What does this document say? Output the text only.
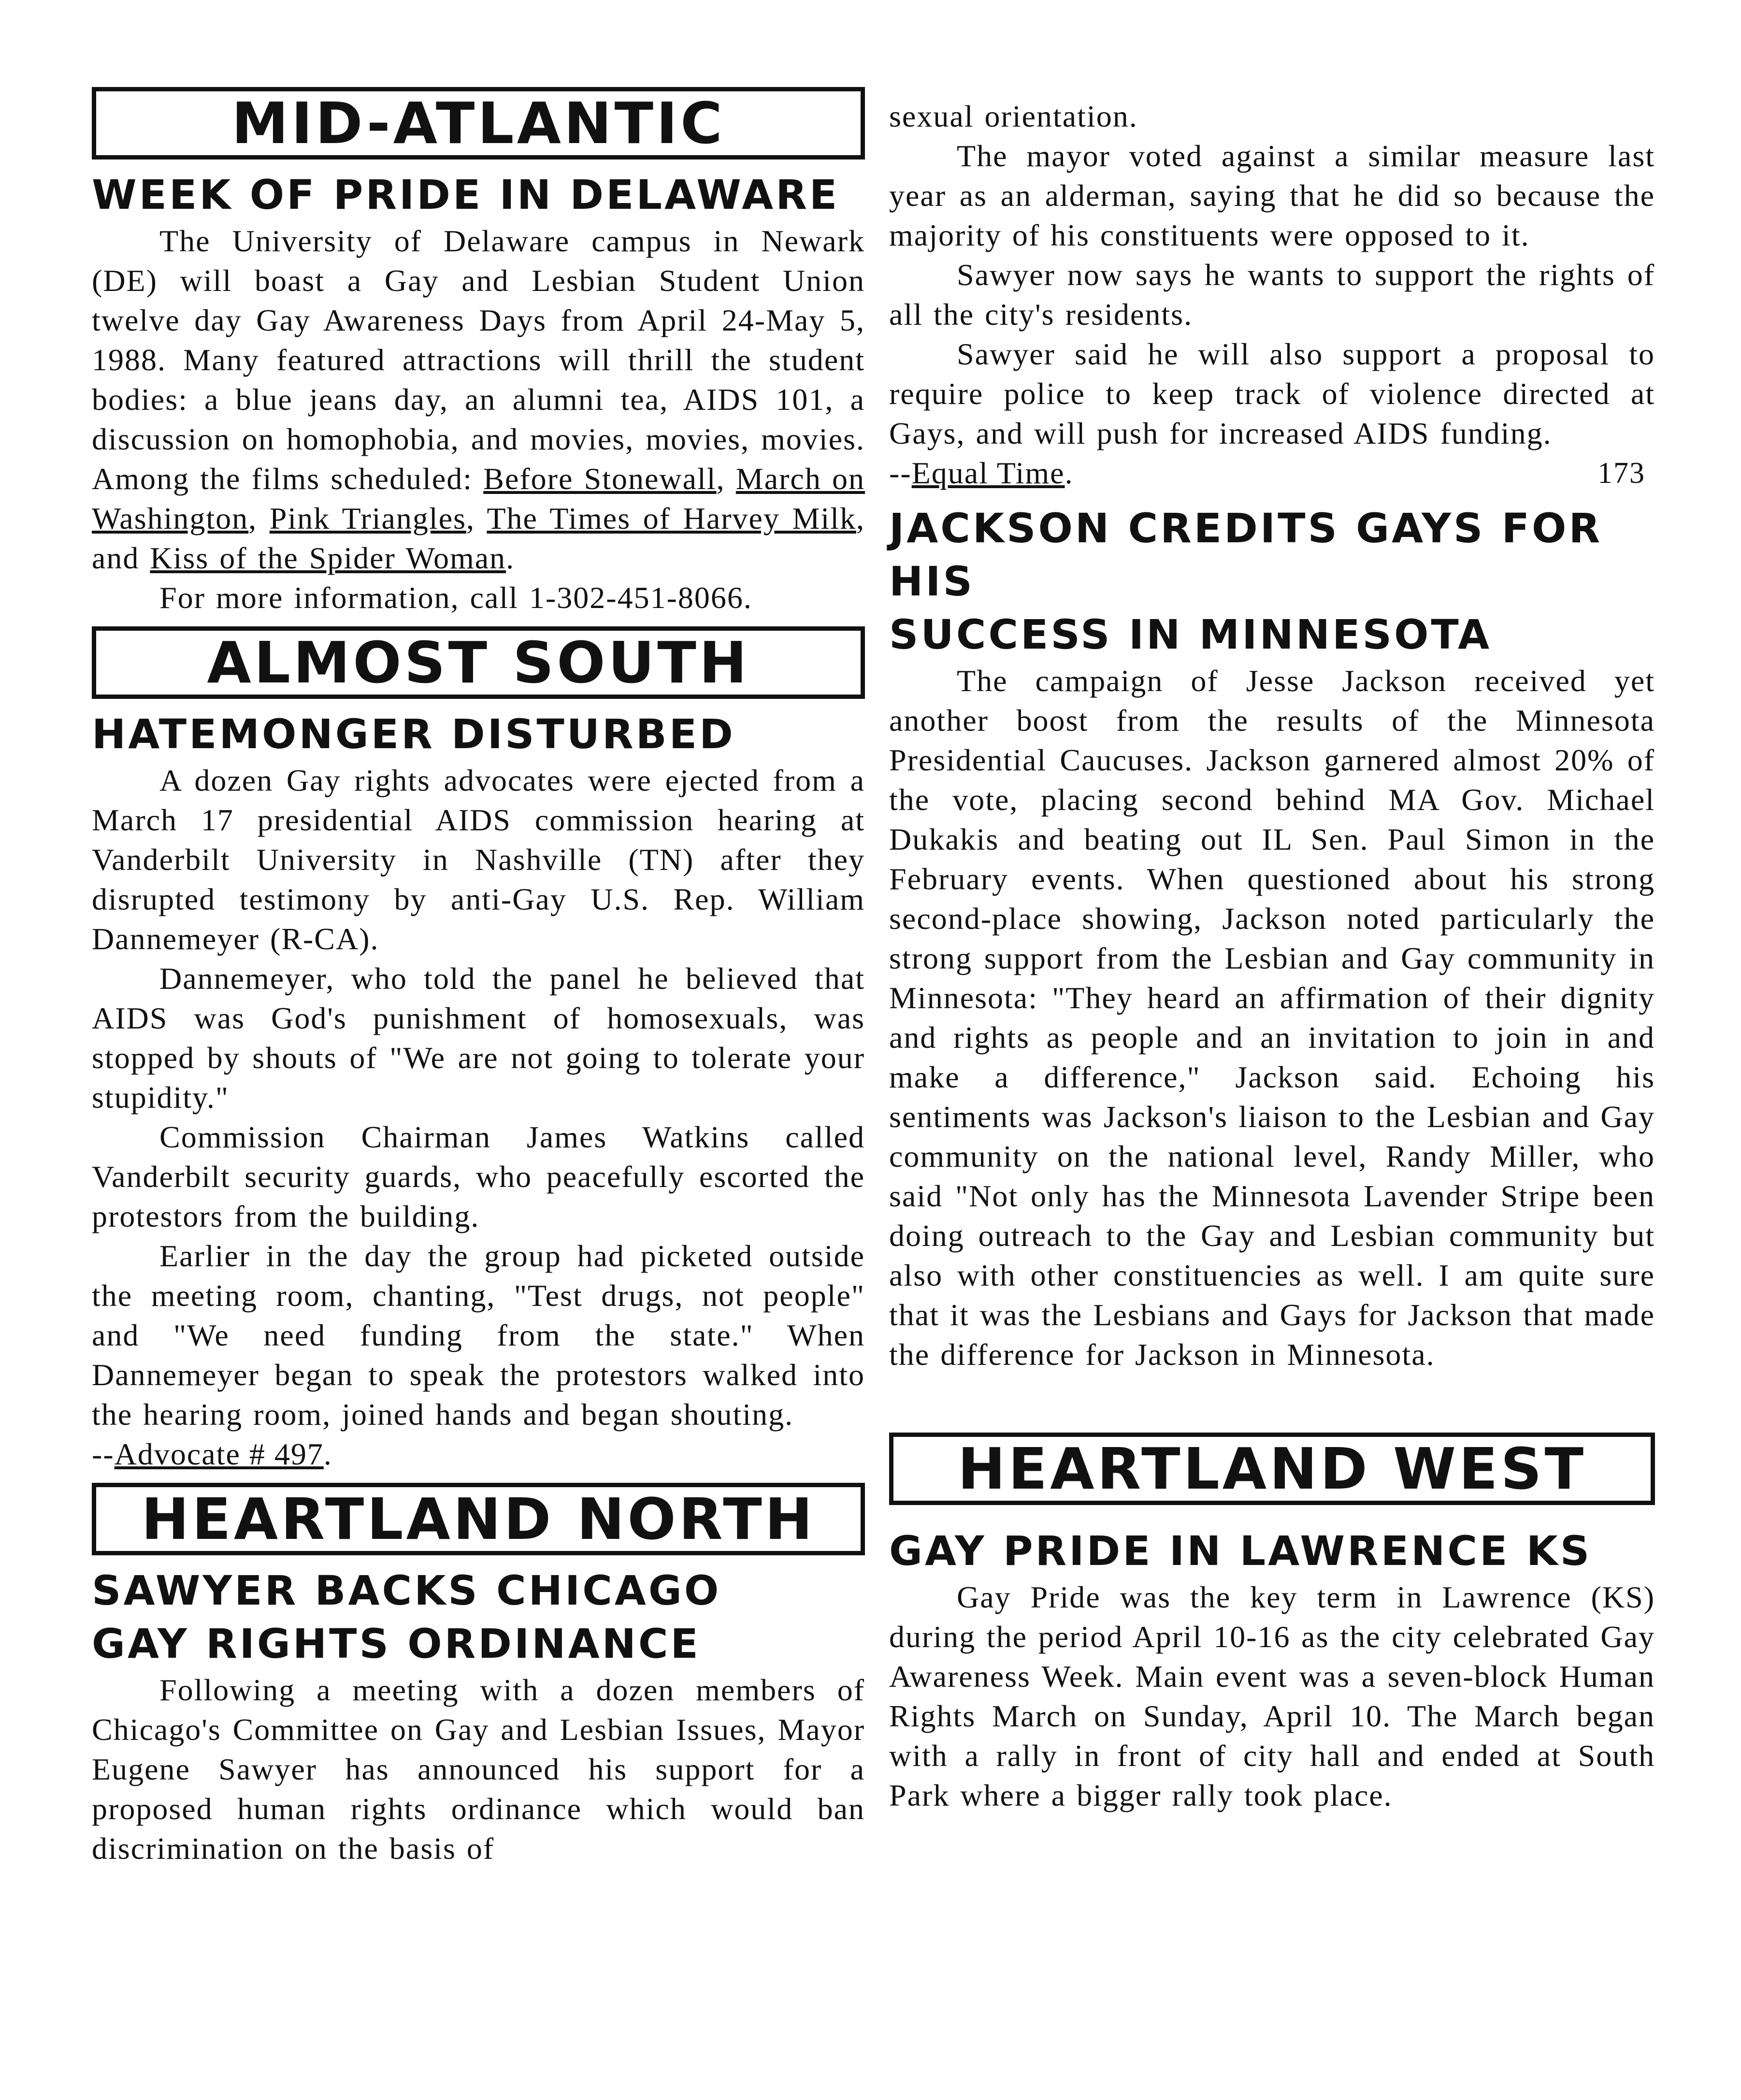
MID-ATLANTIC
WEEK OF PRIDE IN DELAWARE

The University of Delaware campus in Newark (DE) will boast a Gay and Lesbian Student Union twelve day Gay Awareness Days from April 24-May 5, 1988. Many featured attractions will thrill the student bodies: a blue jeans day, an alumni tea, AIDS 101, a discussion on homophobia, and movies, movies, movies. Among the films scheduled: Before Stonewall, March on Washington, Pink Triangles, The Times of Harvey Milk, and Kiss of the Spider Woman.

For more information, call 1-302-451-8066.

ALMOST SOUTH
HATEMONGER DISTURBED

A dozen Gay rights advocates were ejected from a March 17 presidential AIDS commission hearing at Vanderbilt University in Nashville (TN) after they disrupted testimony by anti-Gay U.S. Rep. William Dannemeyer (R-CA).

Dannemeyer, who told the panel he believed that AIDS was God's punishment of homosexuals, was stopped by shouts of "We are not going to tolerate your stupidity."

Commission Chairman James Watkins called Vanderbilt security guards, who peacefully escorted the protestors from the building.

Earlier in the day the group had picketed outside the meeting room, chanting, "Test drugs, not people" and "We need funding from the state." When Dannemeyer began to speak the protestors walked into the hearing room, joined hands and began shouting.

--Advocate # 497.

HEARTLAND NORTH
SAWYER BACKS CHICAGO
GAY RIGHTS ORDINANCE

Following a meeting with a dozen members of Chicago's Committee on Gay and Lesbian Issues, Mayor Eugene Sawyer has announced his support for a proposed human rights ordinance which would ban discrimination on the basis of

sexual orientation.

The mayor voted against a similar measure last year as an alderman, saying that he did so because the majority of his constituents were opposed to it.

Sawyer now says he wants to support the rights of all the city's residents.

Sawyer said he will also support a proposal to require police to keep track of violence directed at Gays, and will push for increased AIDS funding.

173
--Equal Time.

JACKSON CREDITS GAYS FOR HIS
SUCCESS IN MINNESOTA

The campaign of Jesse Jackson received yet another boost from the results of the Minnesota Presidential Caucuses. Jackson garnered almost 20% of the vote, placing second behind MA Gov. Michael Dukakis and beating out IL Sen. Paul Simon in the February events. When questioned about his strong second-place showing, Jackson noted particularly the strong support from the Lesbian and Gay community in Minnesota: "They heard an affirmation of their dignity and rights as people and an invitation to join in and make a difference," Jackson said. Echoing his sentiments was Jackson's liaison to the Lesbian and Gay community on the national level, Randy Miller, who said "Not only has the Minnesota Lavender Stripe been doing outreach to the Gay and Lesbian community but also with other constituencies as well. I am quite sure that it was the Lesbians and Gays for Jackson that made the difference for Jackson in Minnesota.

HEARTLAND WEST
GAY PRIDE IN LAWRENCE KS

Gay Pride was the key term in Lawrence (KS) during the period April 10-16 as the city celebrated Gay Awareness Week. Main event was a seven-block Human Rights March on Sunday, April 10. The March began with a rally in front of city hall and ended at South Park where a bigger rally took place.
